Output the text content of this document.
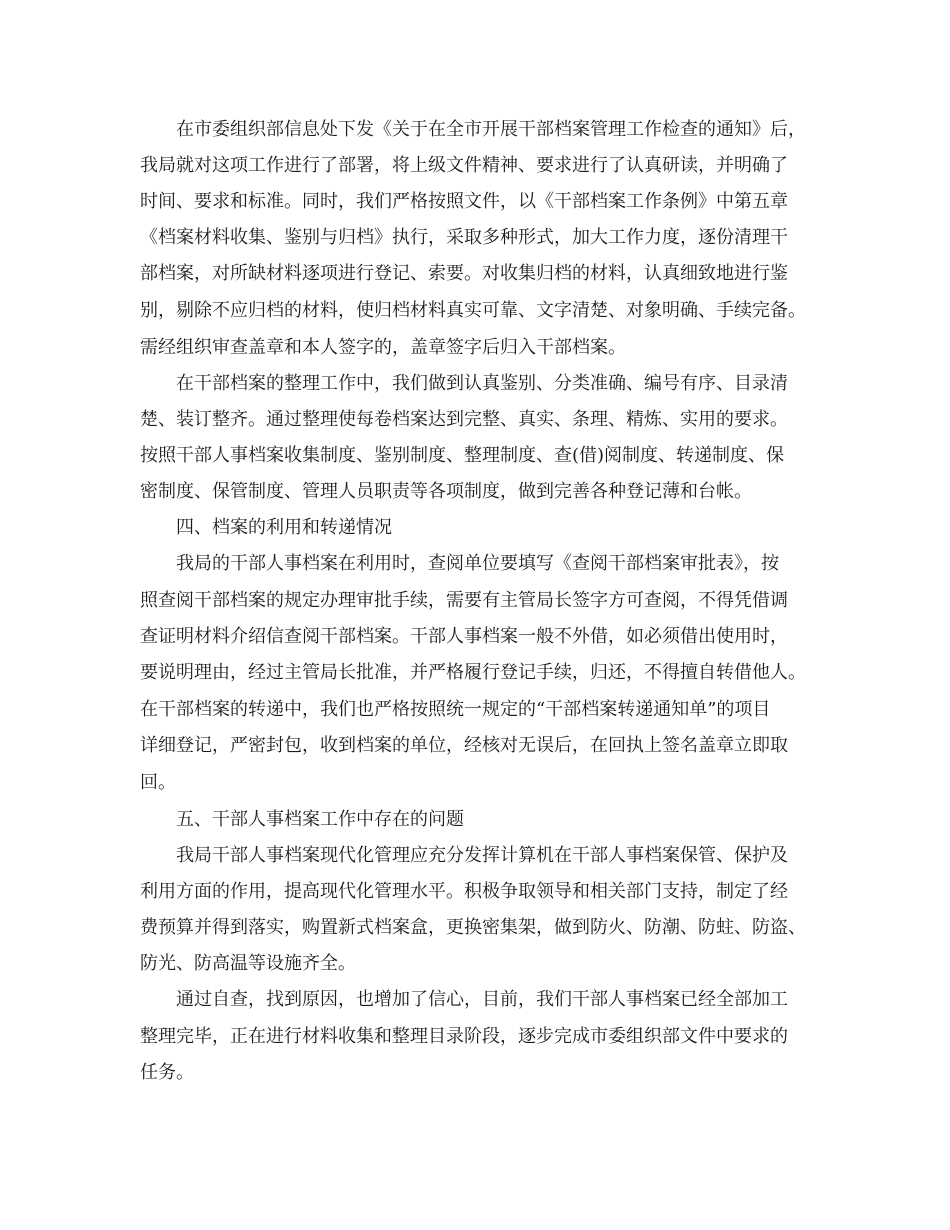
在市委组织部信息处下发《关于在全市开展干部档案管理工作检查的通知》后，
我局就对这项工作进行了部署，将上级文件精神、要求进行了认真研读，并明确了
时间、要求和标准。同时，我们严格按照文件，以《干部档案工作条例》中第五章
《档案材料收集、鉴别与归档》执行，采取多种形式，加大工作力度，逐份清理干
部档案，对所缺材料逐项进行登记、索要。对收集归档的材料，认真细致地进行鉴
别，剔除不应归档的材料，使归档材料真实可靠、文字清楚、对象明确、手续完备。
需经组织审查盖章和本人签字的，盖章签字后归入干部档案。
在干部档案的整理工作中，我们做到认真鉴别、分类准确、编号有序、目录清
楚、装订整齐。通过整理使每卷档案达到完整、真实、条理、精炼、实用的要求。
按照干部人事档案收集制度、鉴别制度、整理制度、查(借)阅制度、转递制度、保
密制度、保管制度、管理人员职责等各项制度，做到完善各种登记薄和台帐。
四、档案的利用和转递情况
我局的干部人事档案在利用时，查阅单位要填写《查阅干部档案审批表》，按
照查阅干部档案的规定办理审批手续，需要有主管局长签字方可查阅，不得凭借调
查证明材料介绍信查阅干部档案。干部人事档案一般不外借，如必须借出使用时，
要说明理由，经过主管局长批准，并严格履行登记手续，归还，不得擅自转借他人。
在干部档案的转递中，我们也严格按照统一规定的“干部档案转递通知单”的项目
详细登记，严密封包，收到档案的单位，经核对无误后，在回执上签名盖章立即取
回。
五、干部人事档案工作中存在的问题
我局干部人事档案现代化管理应充分发挥计算机在干部人事档案保管、保护及
利用方面的作用，提高现代化管理水平。积极争取领导和相关部门支持，制定了经
费预算并得到落实，购置新式档案盒，更换密集架，做到防火、防潮、防蛀、防盗、
防光、防高温等设施齐全。
通过自查，找到原因，也增加了信心，目前，我们干部人事档案已经全部加工
整理完毕，正在进行材料收集和整理目录阶段，逐步完成市委组织部文件中要求的
任务。
